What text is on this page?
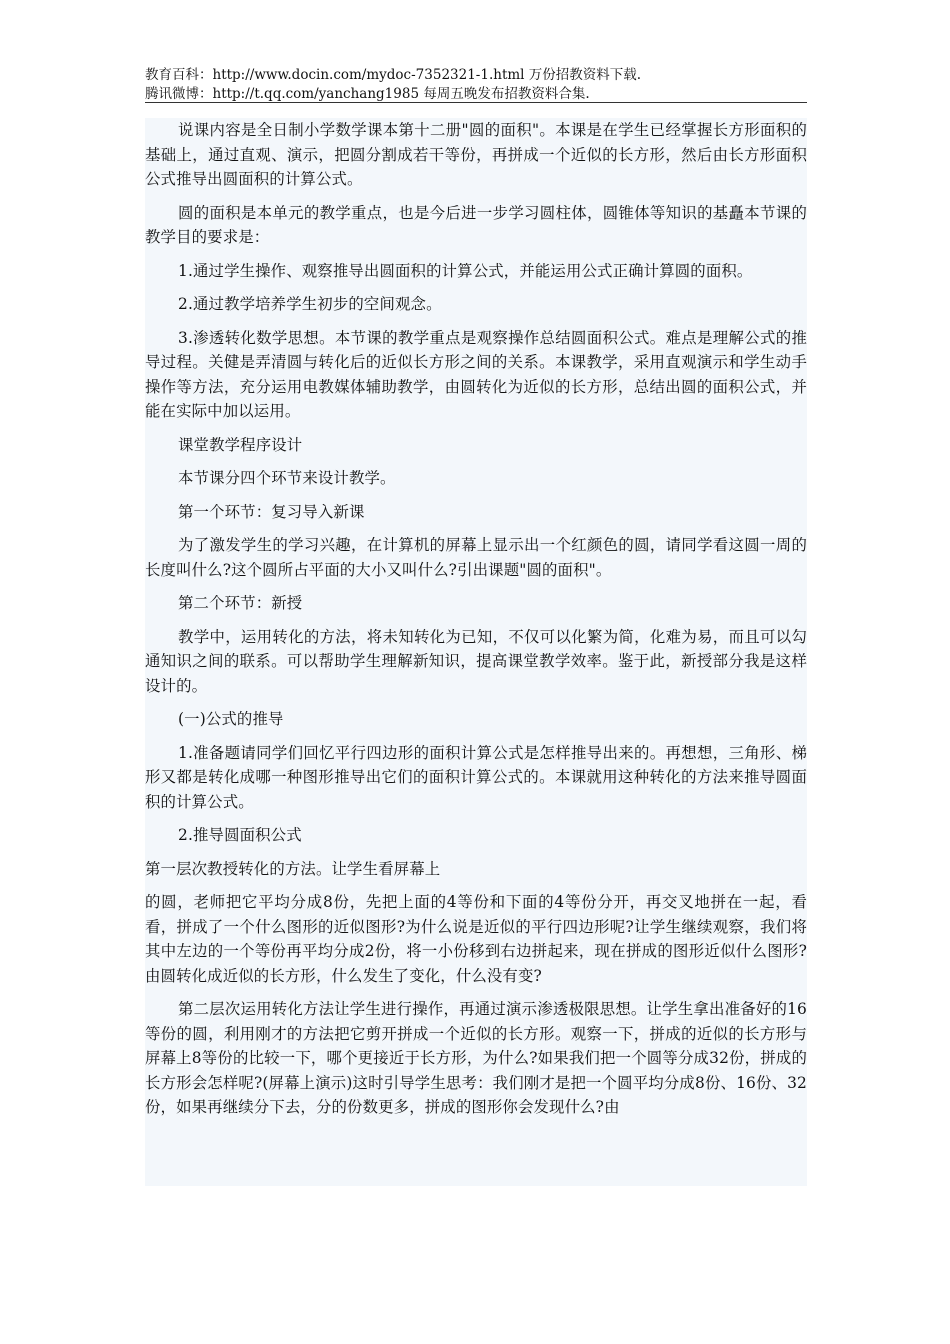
教育百科：http://www.docin.com/mydoc-7352321-1.html 万份招教资料下载.
腾讯微博：http://t.qq.com/yanchang1985 每周五晚发布招教资料合集.

说课内容是全日制小学数学课本第十二册"圆的面积"。本课是在学生已经掌握长方形面积的基础上，通过直观、演示，把圆分割成若干等份，再拼成一个近似的长方形，然后由长方形面积公式推导出圆面积的计算公式。

圆的面积是本单元的教学重点，也是今后进一步学习圆柱体，圆锥体等知识的基矗本节课的教学目的要求是：

1.通过学生操作、观察推导出圆面积的计算公式，并能运用公式正确计算圆的面积。

2.通过教学培养学生初步的空间观念。

3.渗透转化数学思想。本节课的教学重点是观察操作总结圆面积公式。难点是理解公式的推导过程。关健是弄清圆与转化后的近似长方形之间的关系。本课教学，采用直观演示和学生动手操作等方法，充分运用电教媒体辅助教学，由圆转化为近似的长方形，总结出圆的面积公式，并能在实际中加以运用。

课堂教学程序设计

本节课分四个环节来设计教学。

第一个环节：复习导入新课

为了激发学生的学习兴趣，在计算机的屏幕上显示出一个红颜色的圆，请同学看这圆一周的长度叫什么?这个圆所占平面的大小又叫什么?引出课题"圆的面积"。

第二个环节：新授

教学中，运用转化的方法，将未知转化为已知，不仅可以化繁为简，化难为易，而且可以勾通知识之间的联系。可以帮助学生理解新知识，提高课堂教学效率。鉴于此，新授部分我是这样设计的。

(一)公式的推导

1.准备题请同学们回忆平行四边形的面积计算公式是怎样推导出来的。再想想，三角形、梯形又都是转化成哪一种图形推导出它们的面积计算公式的。本课就用这种转化的方法来推导圆面积的计算公式。

2.推导圆面积公式

第一层次教授转化的方法。让学生看屏幕上

的圆，老师把它平均分成8份，先把上面的4等份和下面的4等份分开，再交叉地拼在一起，看看，拼成了一个什么图形的近似图形?为什么说是近似的平行四边形呢?让学生继续观察，我们将其中左边的一个等份再平均分成2份，将一小份移到右边拼起来，现在拼成的图形近似什么图形?由圆转化成近似的长方形，什么发生了变化，什么没有变?

第二层次运用转化方法让学生进行操作，再通过演示渗透极限思想。让学生拿出准备好的16等份的圆，利用刚才的方法把它剪开拼成一个近似的长方形。观察一下，拼成的近似的长方形与屏幕上8等份的比较一下，哪个更接近于长方形，为什么?如果我们把一个圆等分成32份，拼成的长方形会怎样呢?(屏幕上演示)这时引导学生思考：我们刚才是把一个圆平均分成8份、16份、32份，如果再继续分下去，分的份数更多，拼成的图形你会发现什么?由
